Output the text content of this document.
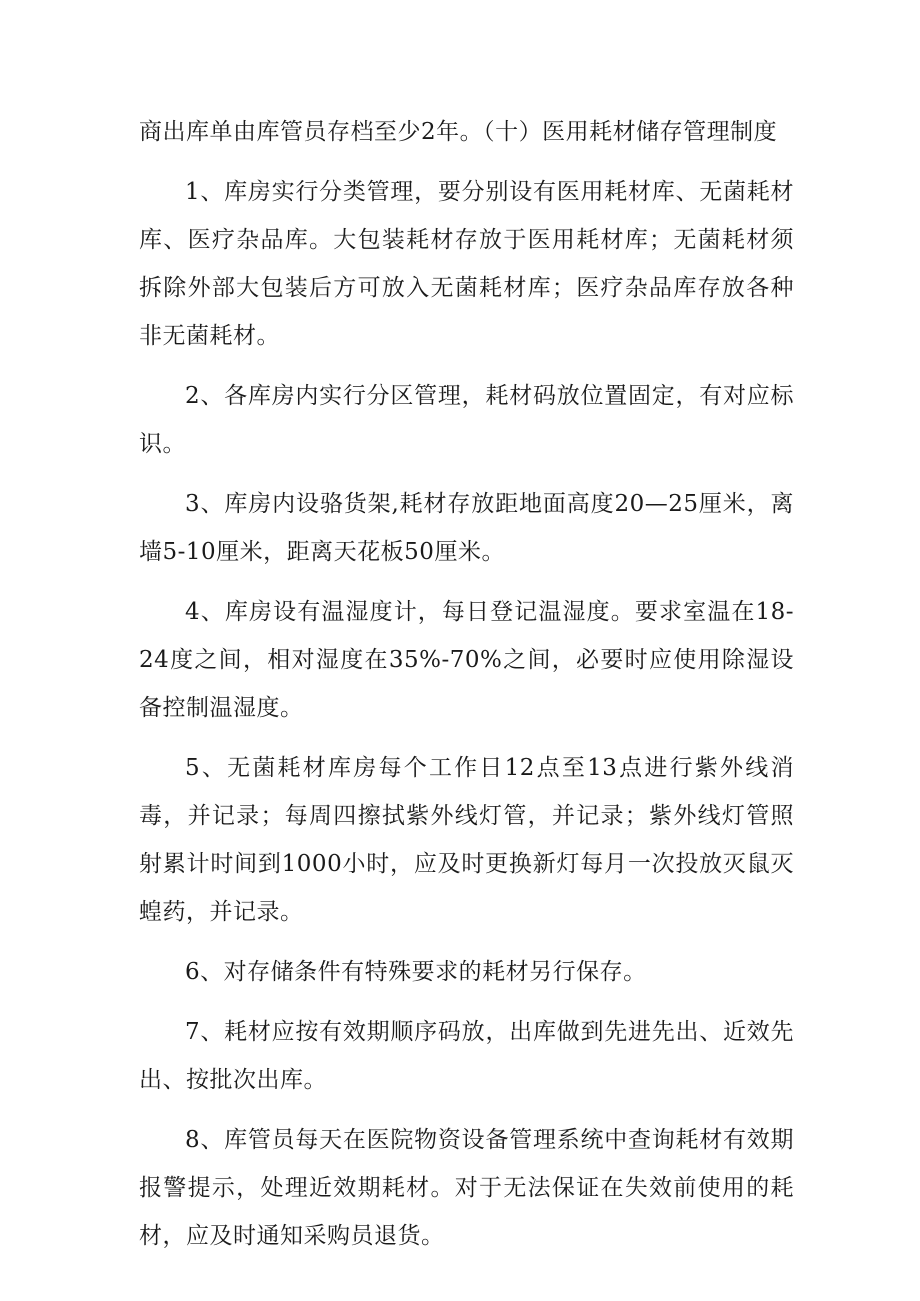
商出库单由库管员存档至少2年。（十）医用耗材储存管理制度

1、库房实行分类管理，要分别设有医用耗材库、无菌耗材库、医疗杂品库。大包装耗材存放于医用耗材库；无菌耗材须拆除外部大包装后方可放入无菌耗材库；医疗杂品库存放各种非无菌耗材。

2、各库房内实行分区管理，耗材码放位置固定，有对应标识。

3、库房内设骆货架,耗材存放距地面高度20—25厘米，离墙5-10厘米，距离天花板50厘米。

4、库房设有温湿度计，每日登记温湿度。要求室温在18-24度之间，相对湿度在35%-70%之间，必要时应使用除湿设备控制温湿度。

5、无菌耗材库房每个工作日12点至13点进行紫外线消毒，并记录；每周四擦拭紫外线灯管，并记录；紫外线灯管照射累计时间到1000小时，应及时更换新灯每月一次投放灭鼠灭蝗药，并记录。

6、对存储条件有特殊要求的耗材另行保存。

7、耗材应按有效期顺序码放，出库做到先进先出、近效先出、按批次出库。

8、库管员每天在医院物资设备管理系统中查询耗材有效期报警提示，处理近效期耗材。对于无法保证在失效前使用的耗材，应及时通知采购员退货。
